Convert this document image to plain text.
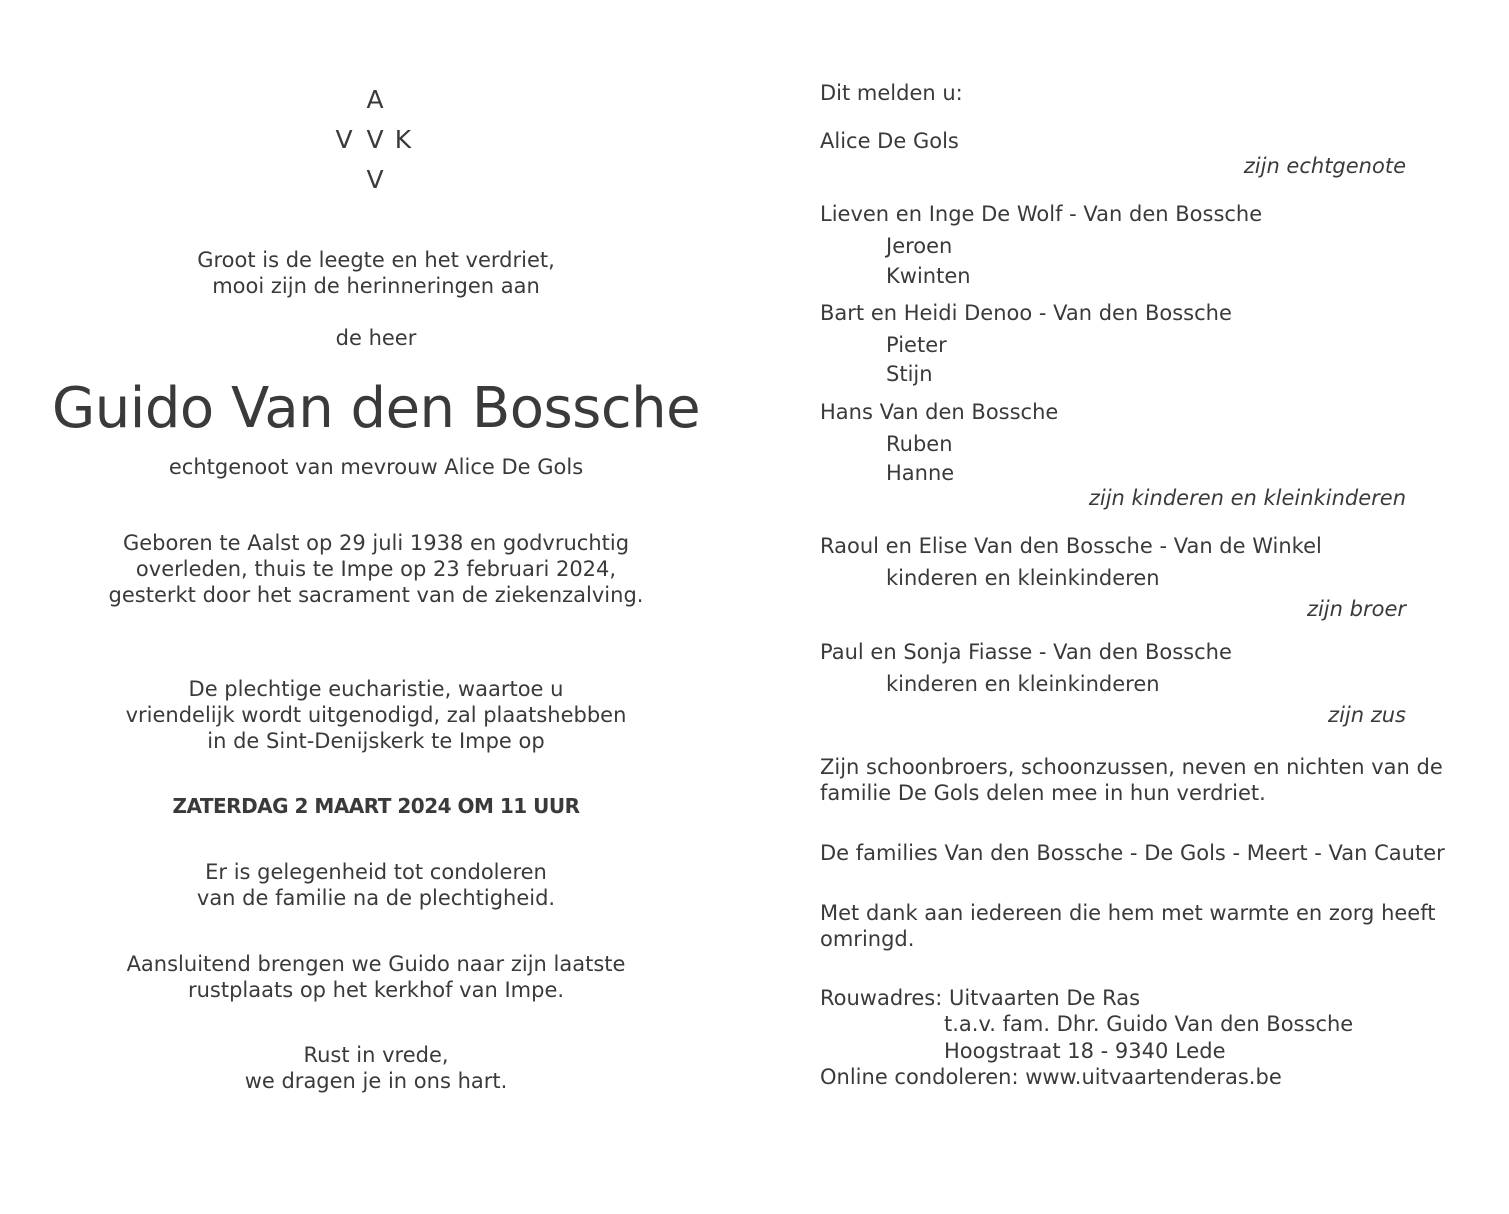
A
V V K
V
Groot is de leegte en het verdriet,
mooi zijn de herinneringen aan
de heer
Guido Van den Bossche
echtgenoot van mevrouw Alice De Gols
Geboren te Aalst op 29 juli 1938 en godvruchtig
overleden, thuis te Impe op 23 februari 2024,
gesterkt door het sacrament van de ziekenzalving.
De plechtige eucharistie, waartoe u
vriendelijk wordt uitgenodigd, zal plaatshebben
in de Sint-Denijskerk te Impe op
ZATERDAG 2 MAART 2024 OM 11 UUR
Er is gelegenheid tot condoleren
van de familie na de plechtigheid.
Aansluitend brengen we Guido naar zijn laatste
rustplaats op het kerkhof van Impe.
Rust in vrede,
we dragen je in ons hart.
Dit melden u:
Alice De Gols
zijn echtgenote
Lieven en Inge De Wolf - Van den Bossche
Jeroen
Kwinten
Bart en Heidi Denoo - Van den Bossche
Pieter
Stijn
Hans Van den Bossche
Ruben
Hanne
zijn kinderen en kleinkinderen
Raoul en Elise Van den Bossche - Van de Winkel
kinderen en kleinkinderen
zijn broer
Paul en Sonja Fiasse - Van den Bossche
kinderen en kleinkinderen
zijn zus
Zijn schoonbroers, schoonzussen, neven en nichten van de
familie De Gols delen mee in hun verdriet.
De families Van den Bossche - De Gols - Meert - Van Cauter
Met dank aan iedereen die hem met warmte en zorg heeft
omringd.
Rouwadres: Uitvaarten De Ras
t.a.v. fam. Dhr. Guido Van den Bossche
Hoogstraat 18 - 9340 Lede
Online condoleren: www.uitvaartenderas.be
